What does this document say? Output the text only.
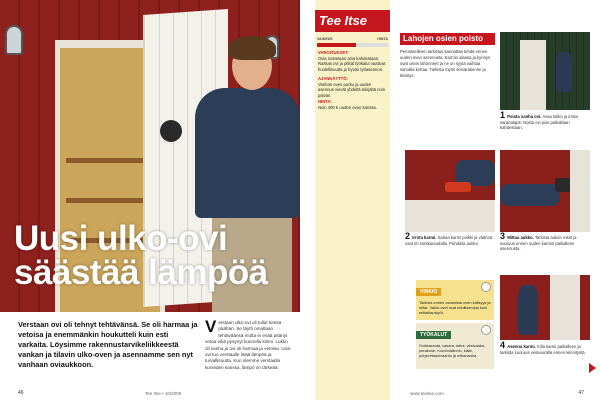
Uusi ulko-ovi
säästää lämpöä

Verstaan ovi oli tehnyt tehtävänsä. Se oli harmaa ja vetoisa ja enemmänkin houkutteli kuin esti varkaita. Löysimme rakennustarvikeliikkeestä vankan ja tilavin ulko-oven ja asennamme sen nyt vanhaan oviaukkoon.

V erstaan ulko-ovi oli tullut tiensä päähän. Se täytti omaltaan tehtäväänsä mutta ei enää pitänyt vetoa eikä pysynyt kunnolla kiinni. Lukko oli vanha ja ovi oli harmaa ja vetoisa. Uusi ovi tuo verstaalle lisää lämpöä ja turvallisuutta. Kun olemme verstaalla koneiden kanssa, lämpö on tärkeää.
46	Tee Itse • 10/2009
Tee Itse
VAIKEUS	HINTA
VAROITUKSET:
Ovia nostetaan aina kahdestaan. Raskas ovi ja pitkät työkalut vaativat huolellisuutta ja hyvän työasennon.
AJANKÄYTTÖ:
Vanhan oven purku ja uuden asennus vievät yhdeltä tekijältä noin päivän.
HINTA:
Noin 400 € uuden oven kanssa.
Lahojen osien poisto

Perusteellinen tarkistus kannattaa tehdä ennen uuden oven asennusta. Karmin alaosa ja kynnys ovat usein lahonneet ja ne on syytä vaihtaa samalla kertaa. Tarkista myös seinärakenne ja tiivistys.

1 Poista vanha ovi. Avaa lukko ja irrota saranatapit. Nosta ovi pois paikaltaan kahdestaan.
2 Irrota karmi. Sahaa karmi poikki ja väännä osat irti sorkkaraudalla. Puhdista aukko.
3 Mittaa aukko. Tarkista aukon mitat ja suoruus ennen uuden karmin paikalleen asennusta.
4 Asenna karmi. Kiila karmi paikalleen ja tarkista suoruus vesivaa'alla ennen kiinnitystä.
47
www.teeitse.com
VINKKI
Tarkista ennen ostamista oven kätisyys ja mitat. Vakio-ovet ovat edullisempia kuin mittatilaustyöt.
TYÖKALUT
Sorkkarauta, vasara, saha, vesivaaka, porakone, ruuvinväännin, kiilat, polyuretaanivaahto ja mittanauha.
